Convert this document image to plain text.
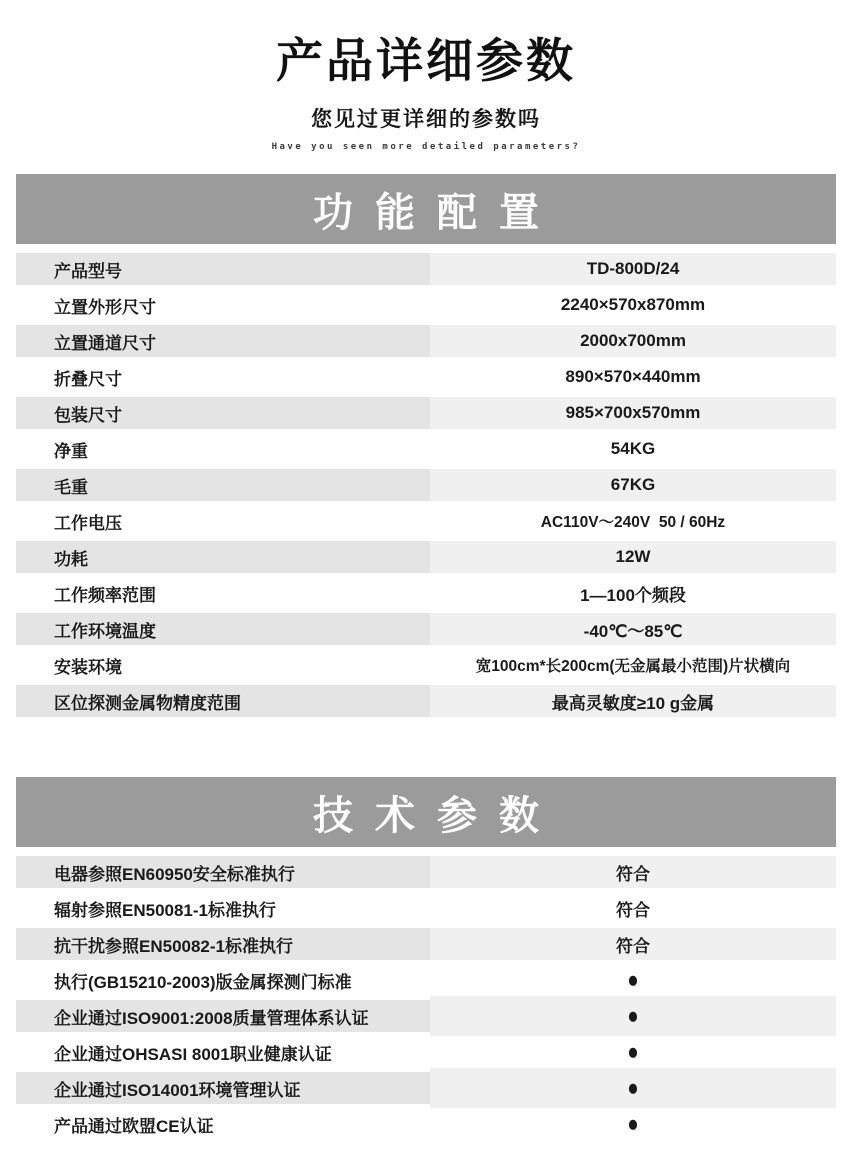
产品详细参数
您见过更详细的参数吗
Have you seen more detailed parameters?
功能配置
产品型号	TD-800D/24
立置外形尺寸	2240×570x870mm
立置通道尺寸	2000x700mm
折叠尺寸	890×570×440mm
包装尺寸	985×700x570mm
净重	54KG
毛重	67KG
工作电压	AC110V～240V  50 / 60Hz
功耗	12W
工作频率范围	1—100个频段
工作环境温度	-40℃～85℃
安装环境	宽100cm*长200cm(无金属最小范围)片状横向
区位探测金属物精度范围	最高灵敏度≥10 g金属
技术参数
电器参照EN60950安全标准执行	符合
辐射参照EN50081-1标准执行	符合
抗干扰参照EN50082-1标准执行	符合
执行(GB15210-2003)版金属探测门标准	●
企业通过ISO9001:2008质量管理体系认证	●
企业通过OHSASI 8001职业健康认证	●
企业通过ISO14001环境管理认证	●
产品通过欧盟CE认证	●
